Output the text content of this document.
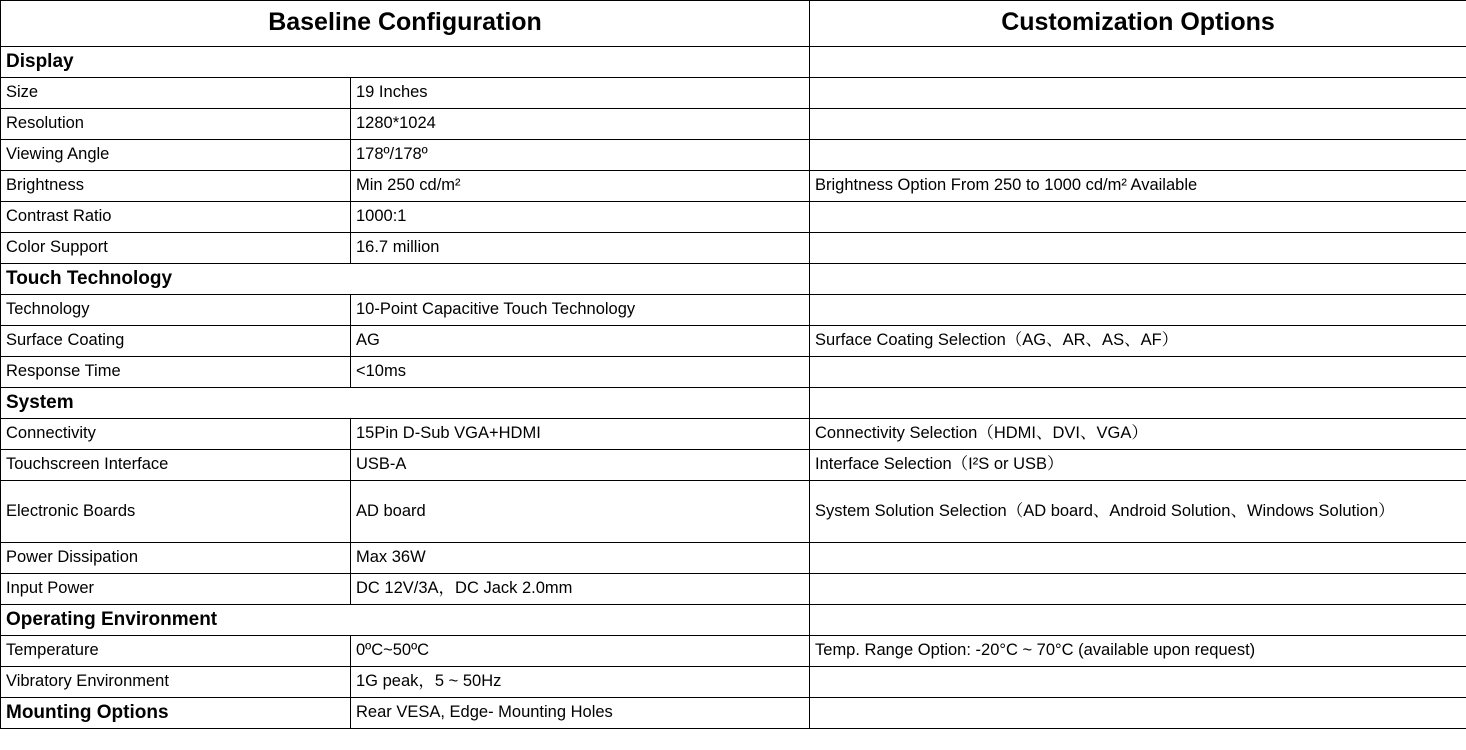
Baseline Configuration		Customization Options
Display		
Size	19 Inches	
Resolution	1280*1024	
Viewing Angle	178º/178º	
Brightness	Min 250 cd/m²	Brightness Option From 250 to 1000 cd/m² Available
Contrast Ratio	1000:1	
Color Support	16.7 million	
Touch Technology		
Technology	10-Point Capacitive Touch Technology	
Surface Coating	AG	Surface Coating Selection（AG、AR、AS、AF）
Response Time	<10ms	
System		
Connectivity	15Pin D-Sub VGA+HDMI	Connectivity Selection（HDMI、DVI、VGA）
Touchscreen Interface	USB-A	Interface Selection（I²S or USB）
Electronic Boards	AD board	System Solution Selection（AD board、Android Solution、Windows Solution）
Power Dissipation	Max 36W	
Input Power	DC 12V/3A，DC Jack 2.0mm	
Operating Environment		
Temperature	0ºC~50ºC	Temp. Range Option: -20°C ~ 70°C (available upon request)
Vibratory Environment	1G peak，5 ~ 50Hz	
Mounting Options	Rear VESA, Edge- Mounting Holes	
